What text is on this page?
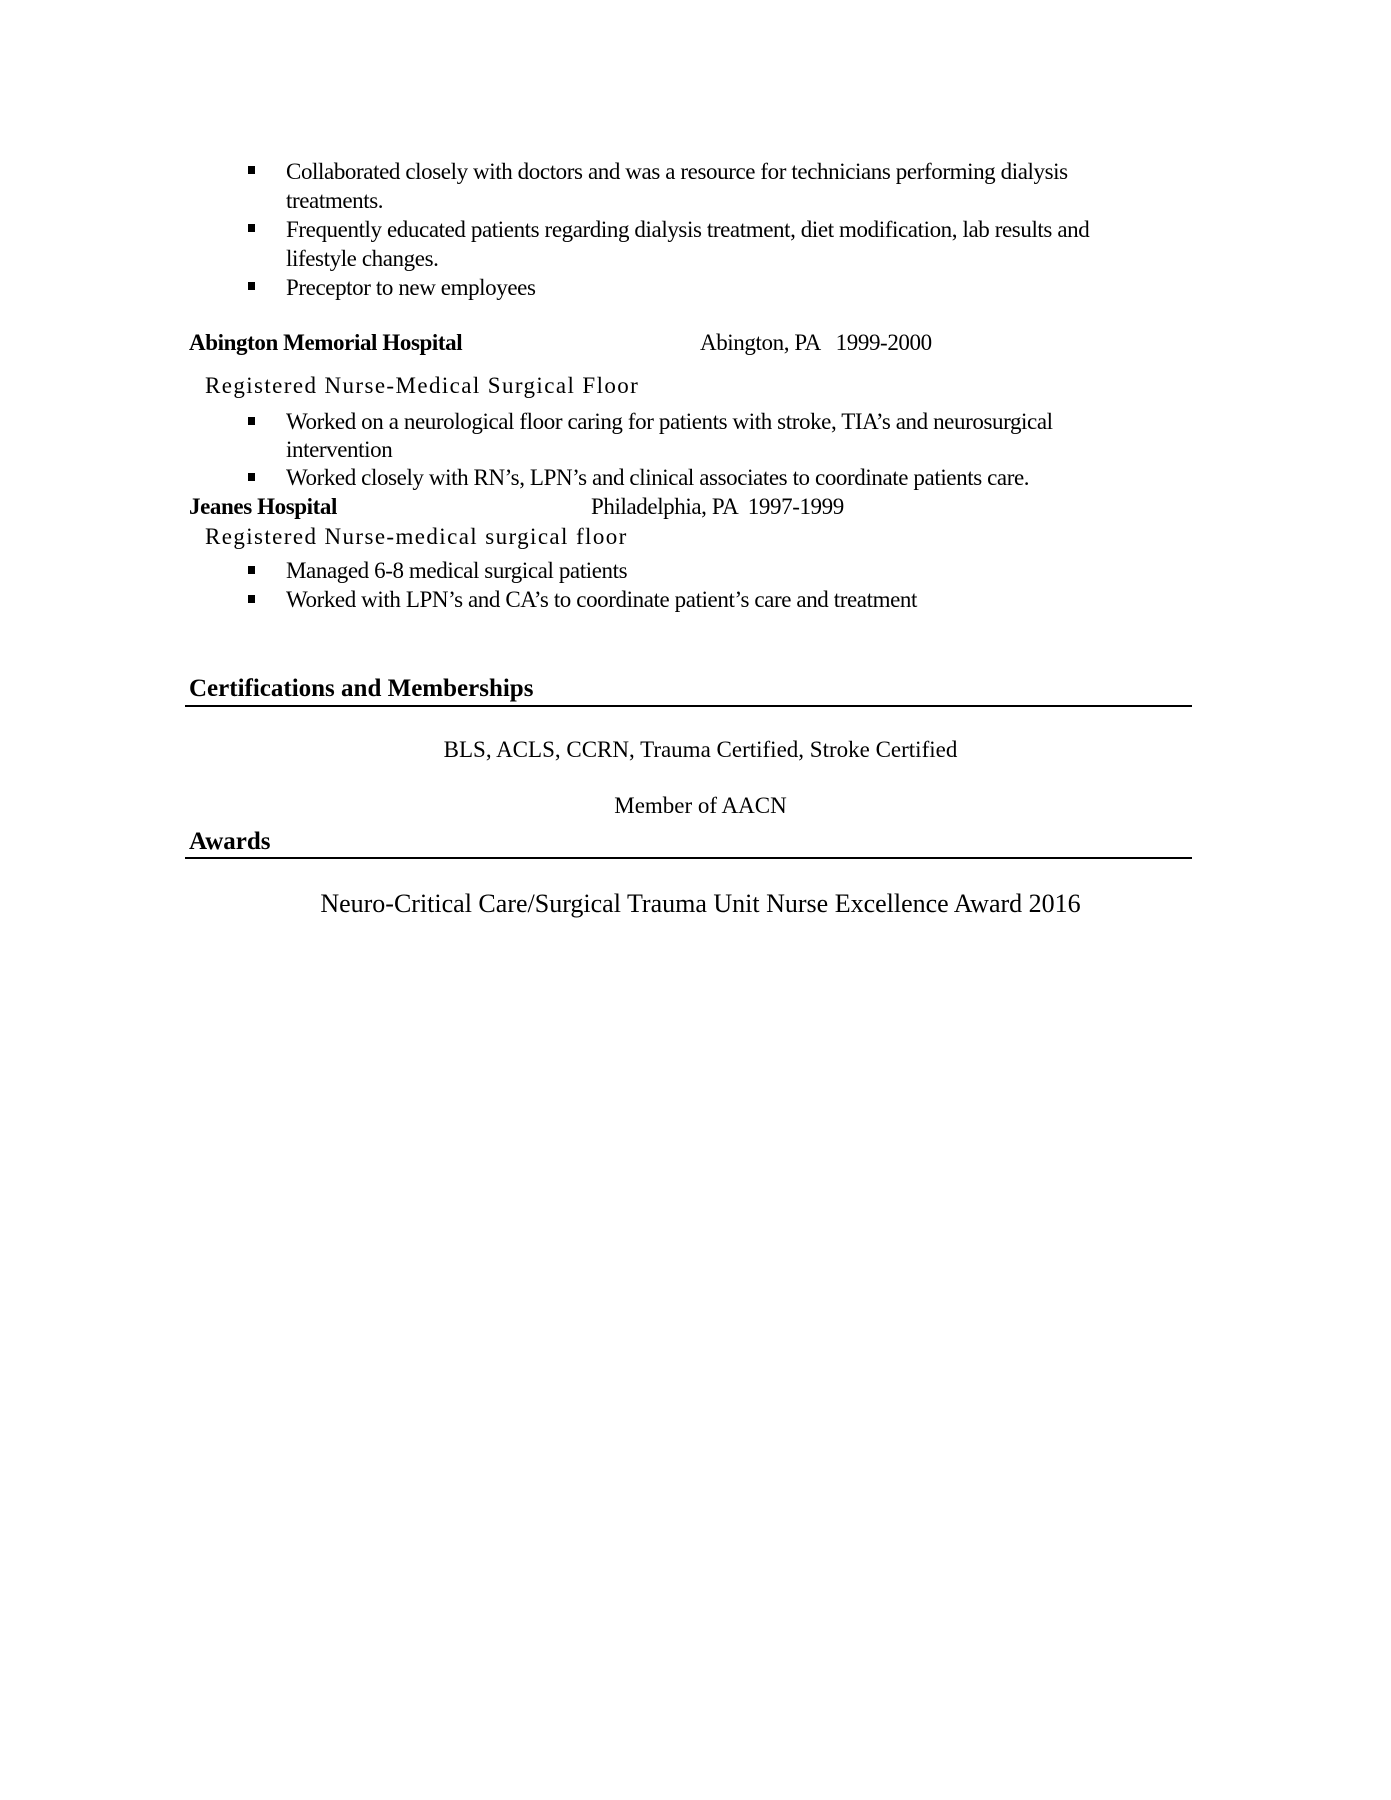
Collaborated closely with doctors and was a resource for technicians performing dialysis
treatments.
Frequently educated patients regarding dialysis treatment, diet modification, lab results and
lifestyle changes.
Preceptor to new employees
Abington Memorial Hospital	Abington, PA   1999-2000
Registered Nurse-Medical Surgical Floor
Worked on a neurological floor caring for patients with stroke, TIA’s and neurosurgical
intervention
Worked closely with RN’s, LPN’s and clinical associates to coordinate patients care.
Jeanes Hospital	Philadelphia, PA  1997-1999
Registered Nurse-medical surgical floor
Managed 6-8 medical surgical patients
Worked with LPN’s and CA’s to coordinate patient’s care and treatment
Certifications and Memberships
BLS, ACLS, CCRN, Trauma Certified, Stroke Certified
Member of AACN
Awards
Neuro-Critical Care/Surgical Trauma Unit Nurse Excellence Award 2016
